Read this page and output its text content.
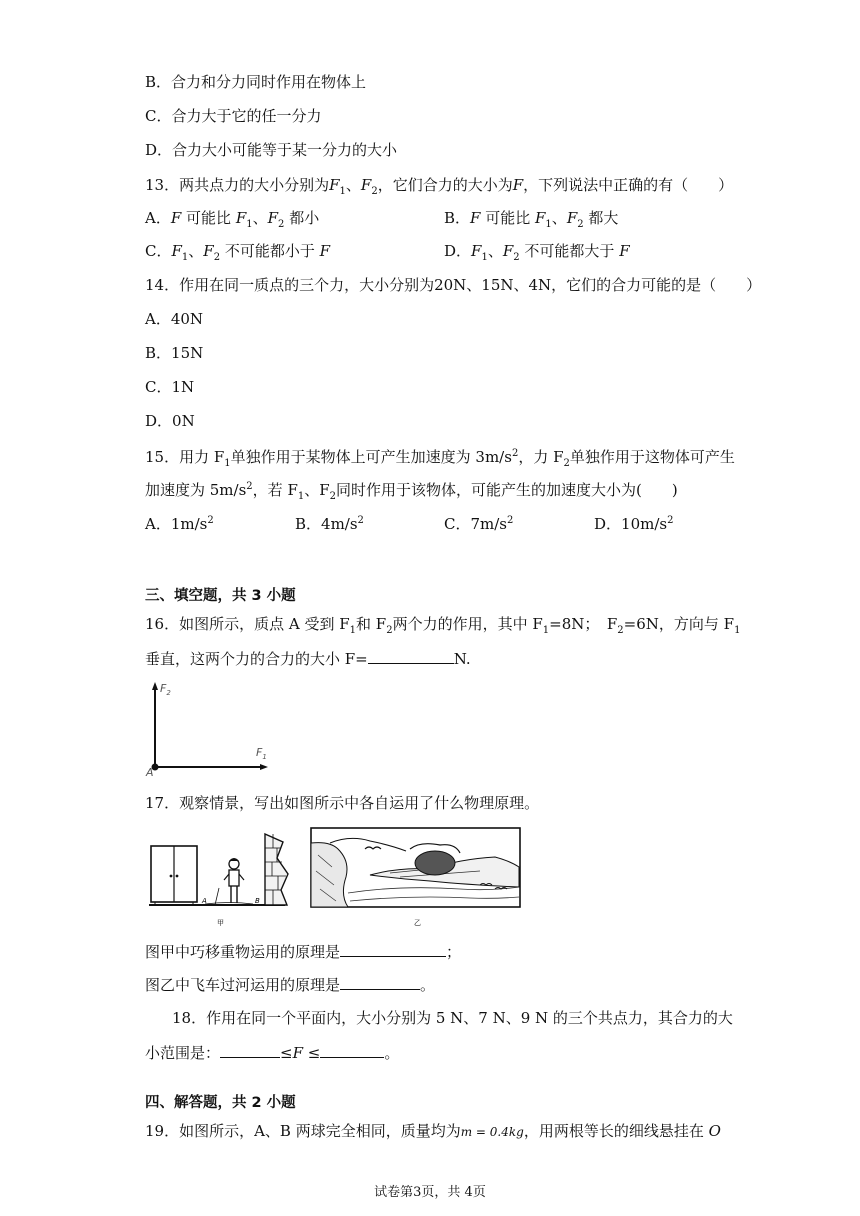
B．合力和分力同时作用在物体上
C．合力大于它的任一分力
D．合力大小可能等于某一分力的大小
13．两共点力的大小分别为$F_1$、$F_2$，它们合力的大小为F，下列说法中正确的有（　　）
A．F 可能比 $F_1$、$F_2$ 都小	B．F 可能比 $F_1$、$F_2$ 都大
C．$F_1$、$F_2$ 不可能都小于 F	D．$F_1$、$F_2$ 不可能都大于 F
14．作用在同一质点的三个力，大小分别为20N、15N、4N，它们的合力可能的是（　　）
A．40N
B．15N
C．1N
D．0N
15．用力 $F_1$单独作用于某物体上可产生加速度为 $3m/s^2$，力 $F_2$单独作用于这物体可产生
加速度为 $5m/s^2$，若 $F_1$、$F_2$同时作用于该物体，可能产生的加速度大小为(　　)
A．$1m/s^2$	B．$4m/s^2$	C．$7m/s^2$	D．$10m/s^2$
三、填空题，共 3 小题
16．如图所示，质点 A 受到 $F_1$和 $F_2$两个力的作用，其中 $F_1=8N$；　$F_2=6N$，方向与 $F_1$
垂直，这两个力的合力的大小 F=	N.
$F_2$
$F_1$
A
17．观察情景，写出如图所示中各自运用了什么物理原理。
A	B
甲	乙
图甲中巧移重物运用的原理是	；
图乙中飞车过河运用的原理是	。
18．作用在同一个平面内，大小分别为 5 N、7 N、9 N 的三个共点力，其合力的大
小范围是：	≤F ≤	。
四、解答题，共 2 小题
19．如图所示，A、B 两球完全相同，质量均为m = 0.4kg，用两根等长的细线悬挂在 O
试卷第3页，共 4页
